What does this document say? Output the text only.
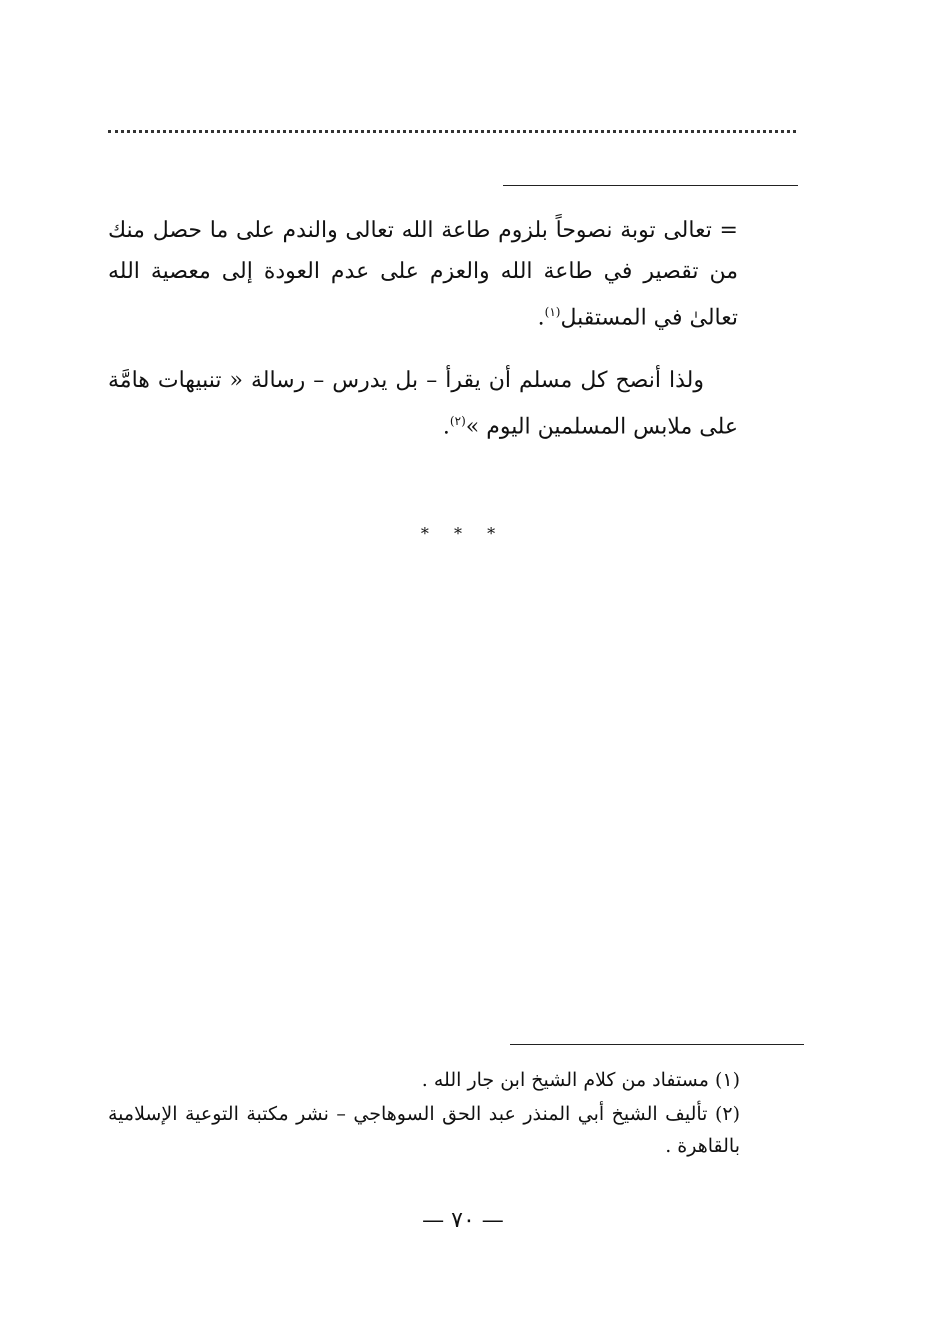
= تعالى توبة نصوحاً بلزوم طاعة الله تعالى والندم على ما حصل منك من تقصير في طاعة الله والعزم على عدم العودة إلى معصية الله تعالىٰ في المستقبل$^{(١)}$.
ولذا أنصح كل مسلم أن يقرأ – بل يدرس – رسالة « تنبيهات هامَّة على ملابس المسلمين اليوم »$^{(٢)}$.
* * *

(١) مستفاد من كلام الشيخ ابن جار الله .

(٢) تأليف الشيخ أبي المنذر عبد الحق السوهاجي – نشر مكتبة التوعية الإسلامية بالقاهرة .

— ٧٠ —
